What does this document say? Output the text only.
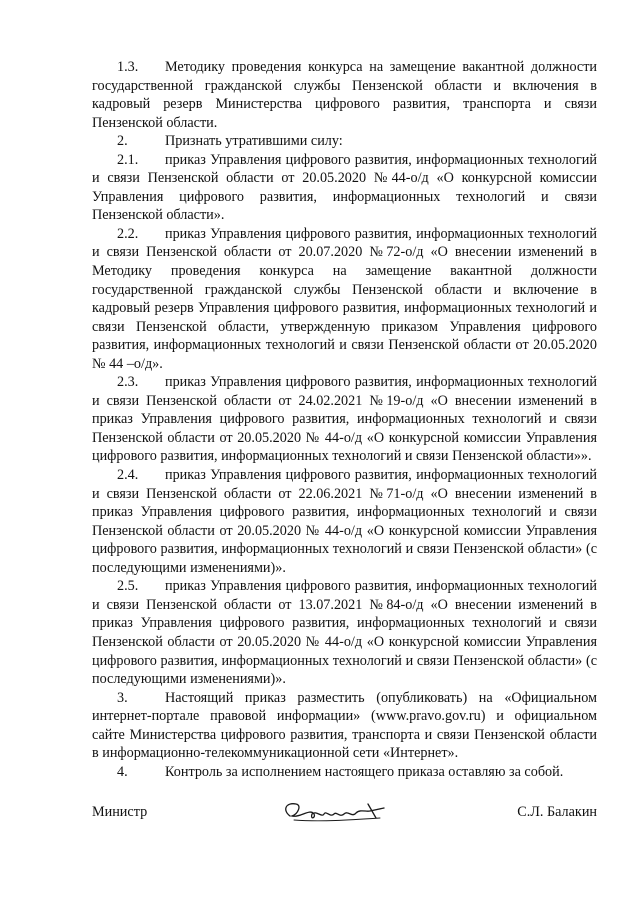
1.3. Методику проведения конкурса на замещение вакантной должности государственной гражданской службы Пензенской области и включения в кадровый резерв Министерства цифрового развития, транспорта и связи Пензенской области.

2.	Признать утратившими силу:

2.1. приказ Управления цифрового развития, информационных технологий и связи Пензенской области от 20.05.2020 №44-о/д «О конкурсной комиссии Управления цифрового развития, информационных технологий и связи Пензенской области».

2.2. приказ Управления цифрового развития, информационных технологий и связи Пензенской области от 20.07.2020 №72-о/д «О внесении изменений в Методику проведения конкурса на замещение вакантной должности государственной гражданской службы Пензенской области и включение в кадровый резерв Управления цифрового развития, информационных технологий и связи Пензенской области, утвержденную приказом Управления цифрового развития, информационных технологий и связи Пензенской области от 20.05.2020 № 44 –о/д».

2.3. приказ Управления цифрового развития, информационных технологий и связи Пензенской области от 24.02.2021 №19-о/д «О внесении изменений в приказ Управления цифрового развития, информационных технологий и связи Пензенской области от 20.05.2020 № 44-о/д «О конкурсной комиссии Управления цифрового развития, информационных технологий и связи Пензенской области»».

2.4. приказ Управления цифрового развития, информационных технологий и связи Пензенской области от 22.06.2021 №71-о/д «О внесении изменений в приказ Управления цифрового развития, информационных технологий и связи Пензенской области от 20.05.2020 № 44-о/д «О конкурсной комиссии Управления цифрового развития, информационных технологий и связи Пензенской области» (с последующими изменениями)».

2.5. приказ Управления цифрового развития, информационных технологий и связи Пензенской области от 13.07.2021 №84-о/д «О внесении изменений в приказ Управления цифрового развития, информационных технологий и связи Пензенской области от 20.05.2020 № 44-о/д «О конкурсной комиссии Управления цифрового развития, информационных технологий и связи Пензенской области» (с последующими изменениями)».

3.	Настоящий приказ разместить (опубликовать) на «Официальном интернет-портале правовой информации» (www.pravo.gov.ru) и официальном сайте Министерства цифрового развития, транспорта и связи Пензенской области в информационно-телекоммуникационной сети «Интернет».

4.	Контроль за исполнением настоящего приказа оставляю за собой.

Министр	С.Л. Балакин
